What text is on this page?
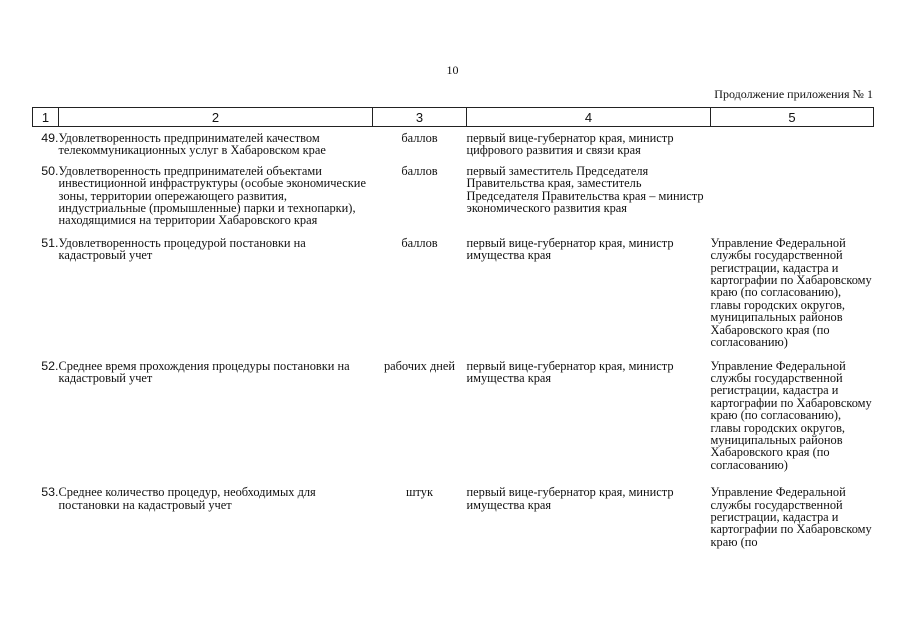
10
Продолжение приложения № 1
1	2	3	4	5
49.	Удовлетворенность предпринимателей качеством телекоммуникационных услуг в Хабаровском крае	баллов	первый вице-губернатор края, министр цифрового развития и связи края	
50.	Удовлетворенность предпринимателей объектами инвестиционной инфраструктуры (особые экономические зоны, территории опережающего развития, индустриальные (промышленные) парки и технопарки), находящимися на территории Хабаровского края	баллов	первый заместитель Председателя Правительства края, заместитель Председателя Правительства края – министр экономического развития края	
51.	Удовлетворенность процедурой постановки на кадастровый учет	баллов	первый вице-губернатор края, министр имущества края	Управление Федеральной службы государственной регистрации, кадастра и картографии по Хабаровскому краю (по согласованию), главы городских округов, муниципальных районов Хабаровского края (по согласованию)
52.	Среднее время прохождения процедуры постановки на кадастровый учет	рабочих дней	первый вице-губернатор края, министр имущества края	Управление Федеральной службы государственной регистрации, кадастра и картографии по Хабаровскому краю (по согласованию), главы городских округов, муниципальных районов Хабаровского края (по согласованию)
53.	Среднее количество процедур, необходимых для постановки на кадастровый учет	штук	первый вице-губернатор края, министр имущества края	Управление Федеральной службы государственной регистрации, кадастра и картографии по Хабаровскому краю (по
